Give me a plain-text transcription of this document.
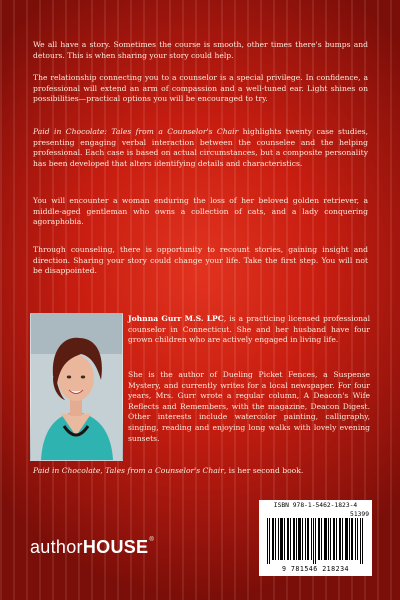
We all have a story. Sometimes the course is smooth, other times there's bumps and detours. This is when sharing your story could help.

The relationship connecting you to a counselor is a special privilege. In confidence, a professional will extend an arm of compassion and a well-tuned ear. Light shines on possibilities—practical options you will be encouraged to try.

Paid in Chocolate: Tales from a Counselor's Chair highlights twenty case studies, presenting engaging verbal interaction between the counselee and the helping professional. Each case is based on actual circumstances, but a composite personality has been developed that alters identifying details and characteristics.

You will encounter a woman enduring the loss of her beloved golden retriever, a middle-aged gentleman who owns a collection of cats, and a lady conquering agoraphobia.

Through counseling, there is opportunity to recount stories, gaining insight and direction. Sharing your story could change your life. Take the first step. You will not be disappointed.

Johnna Gurr M.S. LPC, is a practicing licensed professional counselor in Connecticut. She and her husband have four grown children who are actively engaged in living life.

She is the author of Dueling Picket Fences, a Suspense Mystery, and currently writes for a local newspaper. For four years, Mrs. Gurr wrote a regular column, A Deacon's Wife Reflects and Remembers, with the magazine, Deacon Digest. Other interests include watercolor painting, calligraphy, singing, reading and enjoying long walks with lovely evening sunsets.

Paid in Chocolate, Tales from a Counselor's Chair, is her second book.

authorHOUSE®
ISBN 978-1-5462-1823-4
51399
9 781546 218234
